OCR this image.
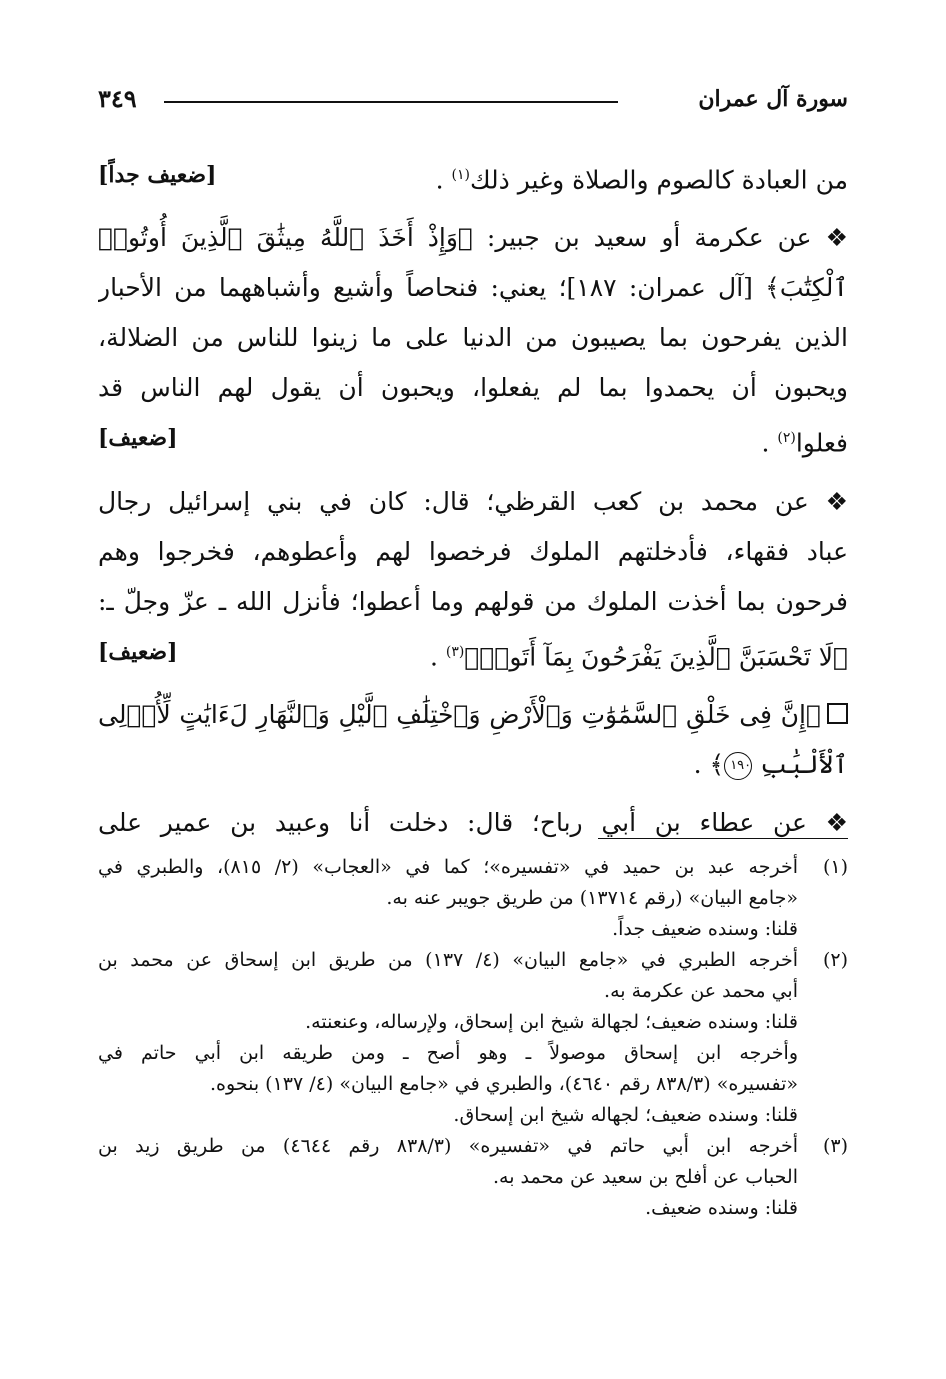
سورة آل عمران
٣٤٩
من العبادة كالصوم والصلاة وغير ذلك$^{(١)}$ .
[ضعيف جداً]
❖ عن عكرمة أو سعيد بن جبير: ﴿وَإِذْ أَخَذَ ٱللَّهُ مِيثَٰقَ ٱلَّذِينَ أُوتُوا۟
ٱلْكِتَٰبَ﴾ [آل عمران: ١٨٧]؛ يعني: فنحاصاً وأشيع وأشباههما من الأحبار
الذين يفرحون بما يصيبون من الدنيا على ما زينوا للناس من الضلالة،
ويحبون أن يحمدوا بما لم يفعلوا، ويحبون أن يقول لهم الناس قد
فعلوا$^{(٢)}$ .
[ضعيف]
❖ عن محمد بن كعب القرظي؛ قال: كان في بني إسرائيل رجال
عباد فقهاء، فأدخلتهم الملوك فرخصوا لهم وأعطوهم، فخرجوا وهم
فرحون بما أخذت الملوك من قولهم وما أعطوا؛ فأنزل الله ـ عزّ وجلّ ـ:
﴿لَا تَحْسَبَنَّ ٱلَّذِينَ يَفْرَحُونَ بِمَآ أَتَوا۟﴾$^{(٣)}$ .
[ضعيف]
﴿إِنَّ فِى خَلْقِ ٱلسَّمَٰوَٰتِ وَٱلْأَرْضِ وَٱخْتِلَٰفِ ٱلَّيْلِ وَٱلنَّهَارِ لَءَايَٰتٍ لِّأُو۟لِى
ٱلْأَلْبَٰبِ ١٩٠﴾ .
❖ عن عطاء بن أبي رباح؛ قال: دخلت أنا وعبيد بن عمير على
(١)
أخرجه عبد بن حميد في «تفسيره»؛ كما في «العجاب» (٢/ ٨١٥)، والطبري في
«جامع البيان» (رقم ١٣٧١٤) من طريق جويبر عنه به.
قلنا: وسنده ضعيف جداً.
(٢)
أخرجه الطبري في «جامع البيان» (٤/ ١٣٧) من طريق ابن إسحاق عن محمد بن
أبي محمد عن عكرمة به.
قلنا: وسنده ضعيف؛ لجهالة شيخ ابن إسحاق، ولإرساله، وعنعنته.
وأخرجه ابن إسحاق موصولاً ـ وهو أصح ـ ومن طريقه ابن أبي حاتم في
«تفسيره» (٨٣٨/٣ رقم ٤٦٤٠)، والطبري في «جامع البيان» (٤/ ١٣٧) بنحوه.
قلنا: وسنده ضعيف؛ لجهاله شيخ ابن إسحاق.
(٣)
أخرجه ابن أبي حاتم في «تفسيره» (٨٣٨/٣ رقم ٤٦٤٤) من طريق زيد بن
الحباب عن أفلح بن سعيد عن محمد به.
قلنا: وسنده ضعيف.
